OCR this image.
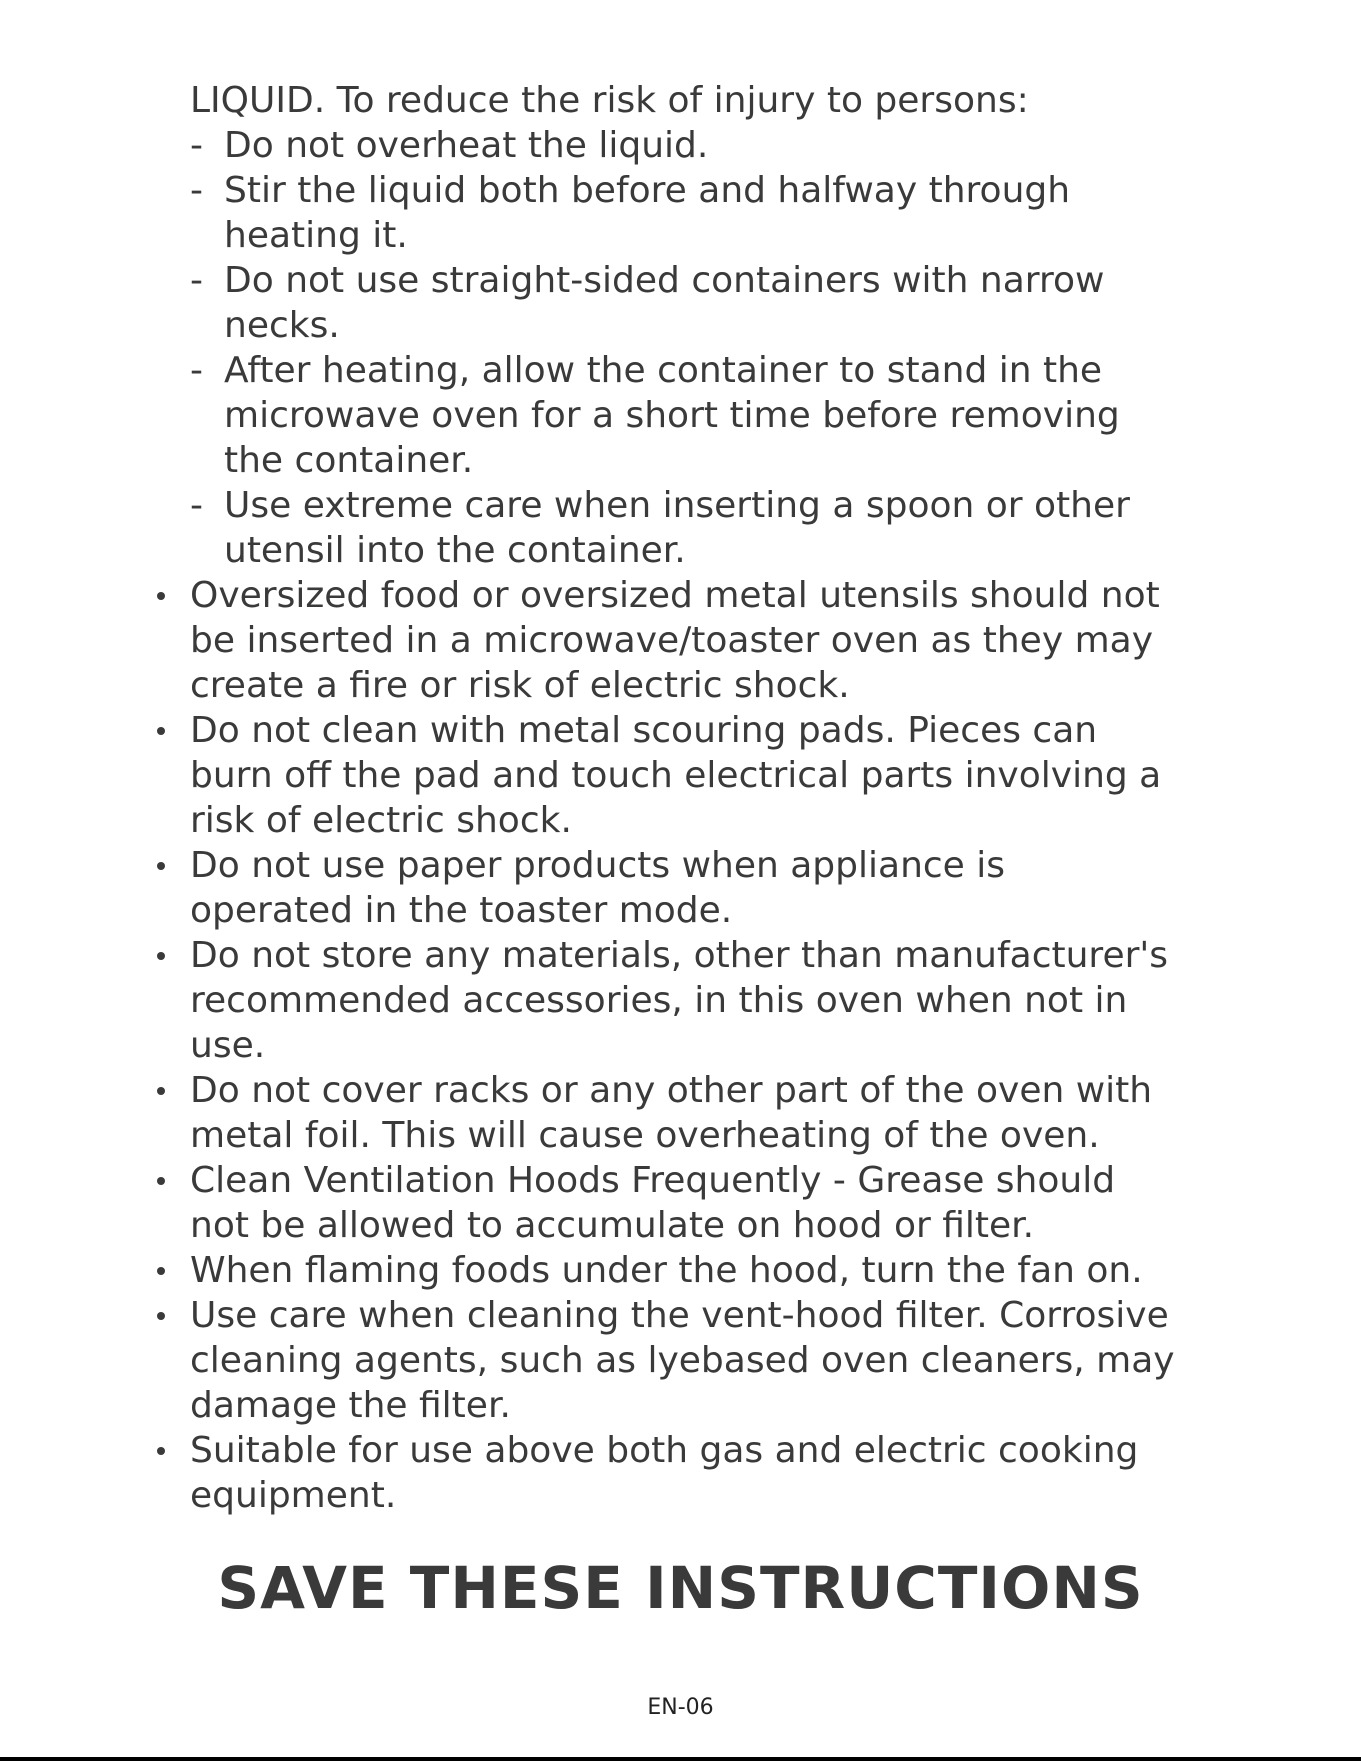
LIQUID. To reduce the risk of injury to persons:
- Do not overheat the liquid.
- Stir the liquid both before and halfway through
heating it.
- Do not use straight-sided containers with narrow
necks.
- After heating, allow the container to stand in the
microwave oven for a short time before removing
the container.
- Use extreme care when inserting a spoon or other
utensil into the container.
Oversized food or oversized metal utensils should not
be inserted in a microwave/toaster oven as they may
create a fire or risk of electric shock.
Do not clean with metal scouring pads. Pieces can
burn off the pad and touch electrical parts involving a
risk of electric shock.
Do not use paper products when appliance is
operated in the toaster mode.
Do not store any materials, other than manufacturer's
recommended accessories, in this oven when not in
use.
Do not cover racks or any other part of the oven with
metal foil. This will cause overheating of the oven.
Clean Ventilation Hoods Frequently - Grease should
not be allowed to accumulate on hood or filter.
When flaming foods under the hood, turn the fan on.
Use care when cleaning the vent-hood filter. Corrosive
cleaning agents, such as lyebased oven cleaners, may
damage the filter.
Suitable for use above both gas and electric cooking
equipment.
SAVE THESE INSTRUCTIONS
EN-06
